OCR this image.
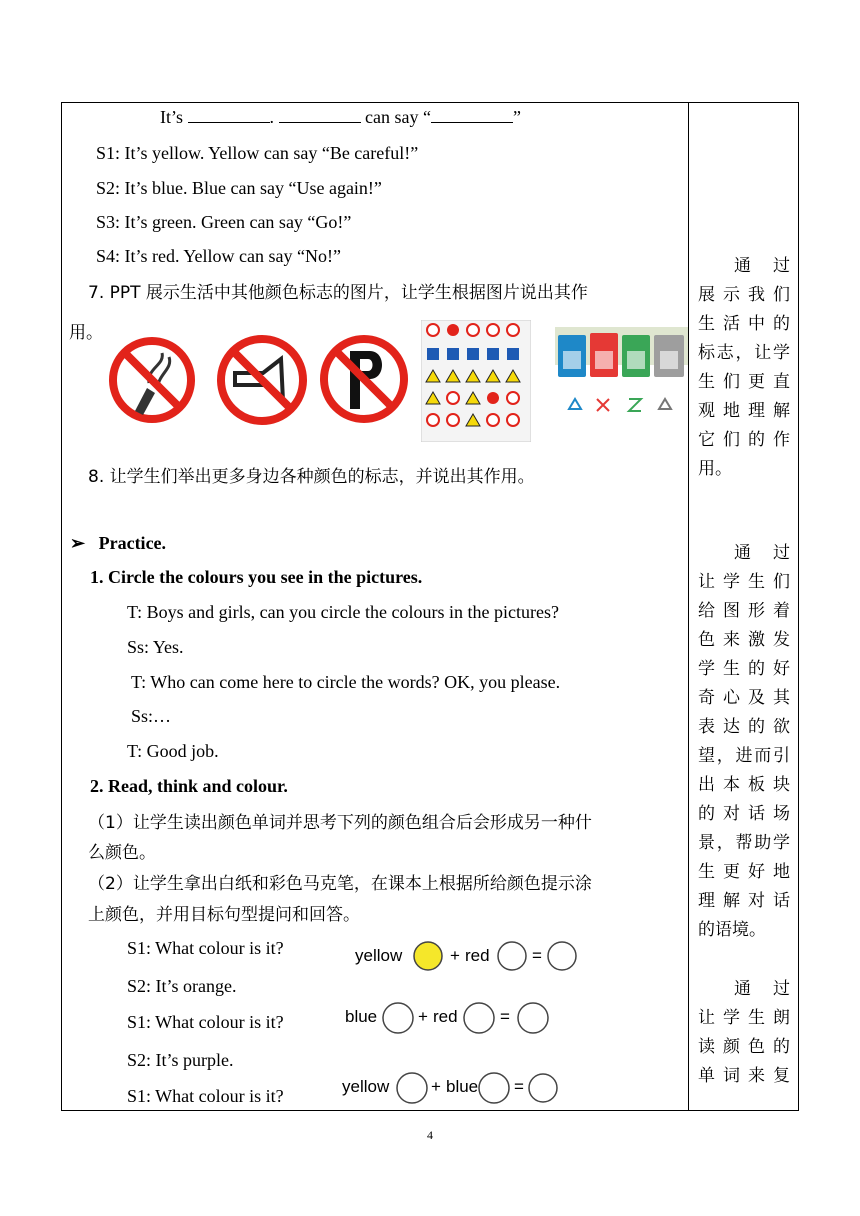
It’s	.	can say “	”
S1: It’s yellow. Yellow can say “Be careful!”
S2: It’s blue. Blue can say “Use again!”
S3: It’s green. Green can say “Go!”
S4: It’s red. Yellow can say “No!”
7. PPT 展示生活中其他颜色标志的图片，让学生根据图片说出其作
用。
8. 让学生们举出更多身边各种颜色的标志，并说出其作用。
➢ Practice.
1. Circle the colours you see in the pictures.
T: Boys and girls, can you circle the colours in the pictures?
Ss: Yes.
T: Who can come here to circle the words? OK, you please.
Ss:…
T: Good job.
2. Read, think and colour.
（1）让学生读出颜色单词并思考下列的颜色组合后会形成另一种什
么颜色。
（2）让学生拿出白纸和彩色马克笔，在课本上根据所给颜色提示涂
上颜色，并用目标句型提问和回答。
S1: What colour is it?
S2: It’s orange.
S1: What colour is it?
S2: It’s purple.
S1: What colour is it?
yellow	+ red =
blue + red =
yellow + blue =
通　过
展示我们
生活中的
标志，让学
生们更直
观地理解
它们的作
用。
通　过
让学生们
给图形着
色来激发
学生的好
奇心及其
表达的欲
望，进而引
出本板块
的对话场
景，帮助学
生更好地
理解对话
的语境。
通　过
让学生朗
读颜色的
单词来复
4
